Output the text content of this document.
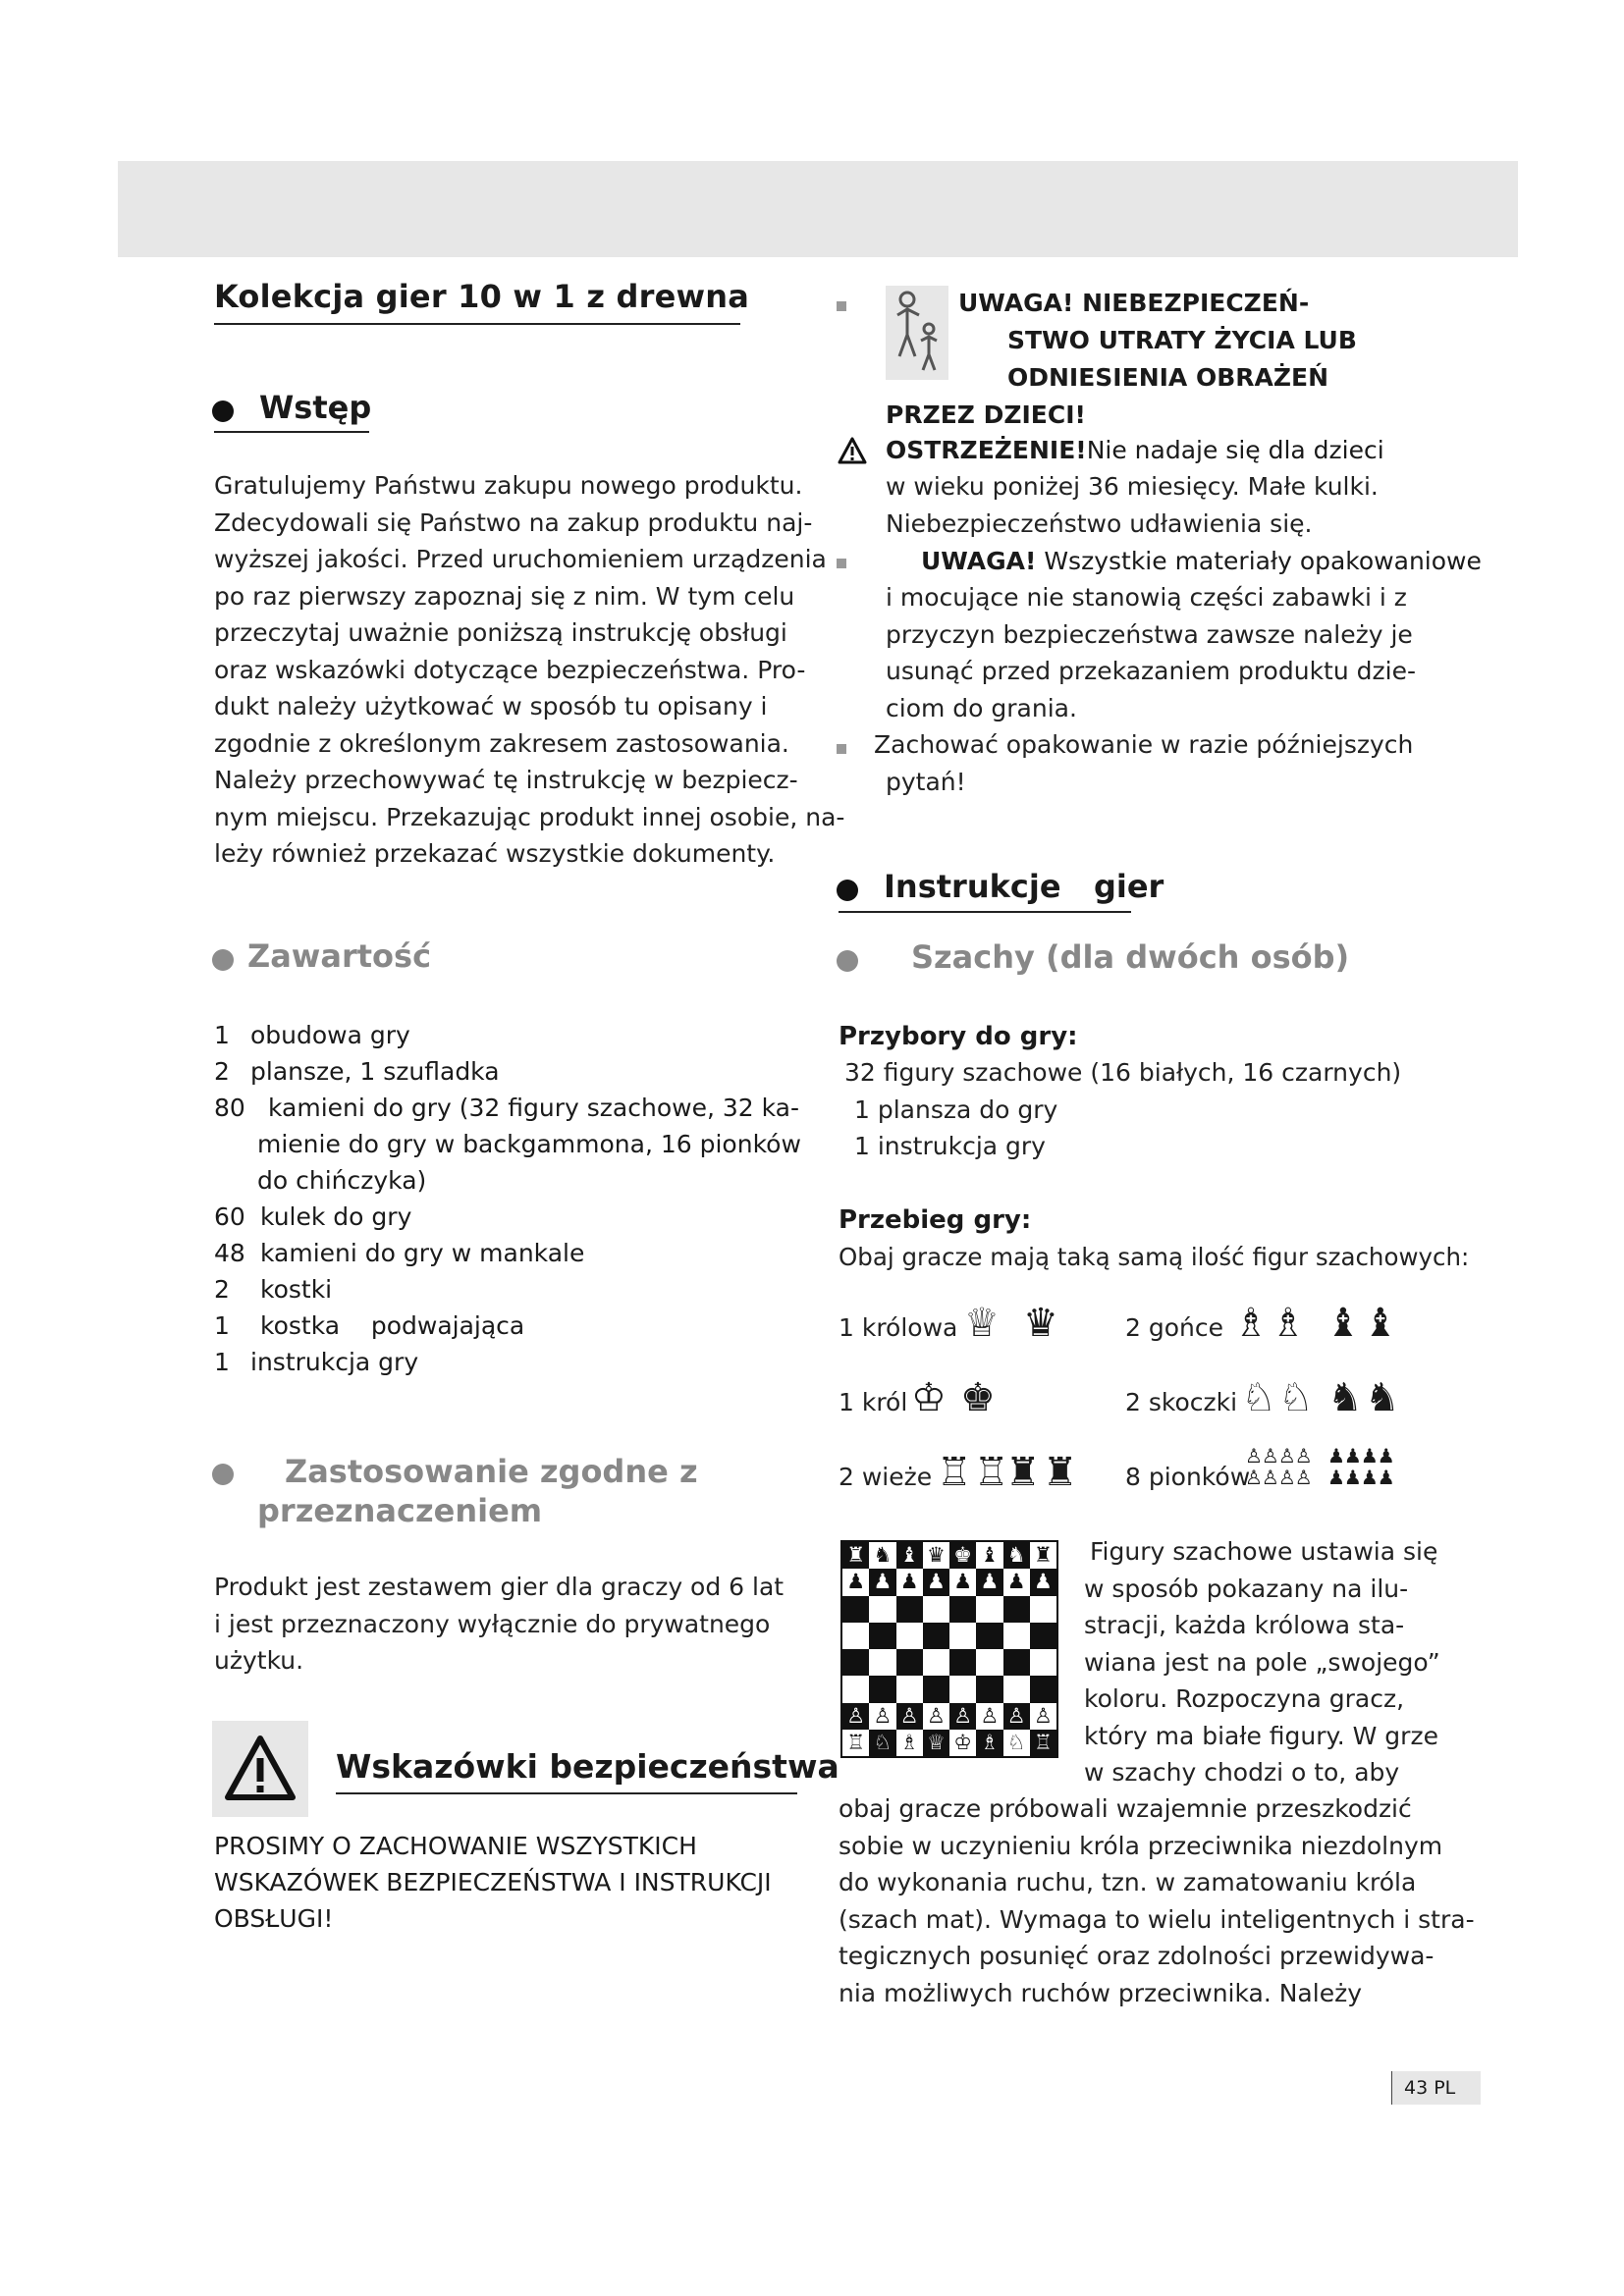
Kolekcja gier 10 w 1 z drewna
Wstęp

Gratulujemy Państwu zakupu nowego produktu.

Zdecydowali się Państwo na zakup produktu naj-

wyższej jakości. Przed uruchomieniem urządzenia

po raz pierwszy zapoznaj się z nim. W tym celu

przeczytaj uważnie poniższą instrukcję obsługi

oraz wskazówki dotyczące bezpieczeństwa. Pro-

dukt należy użytkować w sposób tu opisany i

zgodnie z określonym zakresem zastosowania.

Należy przechowywać tę instrukcję w bezpiecz-

nym miejscu. Przekazując produkt innej osobie, na-

leży również przekazać wszystkie dokumenty.

Zawartość
1 obudowa gry
2 plansze, 1 szufladka
80 kamieni do gry (32 figury szachowe, 32 ka-
mienie do gry w backgammona, 16 pionków
do chińczyka)
60 kulek do gry
48 kamieni do gry w mankale
2 kostki
1 kostka    podwajająca
1 instrukcja gry
Zastosowanie zgodne z
przeznaczeniem

Produkt jest zestawem gier dla graczy od 6 lat

i jest przeznaczony wyłącznie do prywatnego

użytku.

Wskazówki bezpieczeństwa

PROSIMY O ZACHOWANIE WSZYSTKICH

WSKAZÓWEK BEZPIECZEŃSTWA I INSTRUKCJI

OBSŁUGI!

UWAGA! NIEBEZPIECZEŃ-
STWO UTRATY ŻYCIA LUB
ODNIESIENIA OBRAŻEŃ
PRZEZ DZIECI!
OSTRZEŻENIE!Nie nadaje się dla dzieci

w wieku poniżej 36 miesięcy. Małe kulki.

Niebezpieczeństwo udławienia się.

UWAGA! Wszystkie materiały opakowaniowe

i mocujące nie stanowią części zabawki i z

przyczyn bezpieczeństwa zawsze należy je

usunąć przed przekazaniem produktu dzie-

ciom do grania.

Zachować opakowanie w razie późniejszych

pytań!

Instrukcje   gier
Szachy (dla dwóch osób)
Przybory do gry:

32 figury szachowe (16 białych, 16 czarnych)

1 plansza do gry

1 instrukcja gry

Przebieg gry:
Obaj gracze mają taką samą ilość figur szachowych:
1 królowa ♕ ♛	2 gońce ♗♗ ♝♝
1 król ♔ ♚	2 skoczki ♘♘ ♞♞
2 wieże ♖♖
♜♜ 8 pionków
♙♙♙♙
♙♙♙♙
♟♟♟♟
♟♟♟♟
♜ ♞ ♝ ♛ ♚ ♝ ♞ ♜
♟ ♟ ♟ ♟ ♟ ♟ ♟ ♟
♙ ♙ ♙ ♙ ♙ ♙ ♙ ♙
♖ ♘ ♗ ♕ ♔ ♗ ♘ ♖

Figury szachowe ustawia się

w sposób pokazany na ilu-

stracji, każda królowa sta-

wiana jest na pole „swojego”

koloru. Rozpoczyna gracz,

który ma białe figury. W grze

w szachy chodzi o to, aby

obaj gracze próbowali wzajemnie przeszkodzić

sobie w uczynieniu króla przeciwnika niezdolnym

do wykonania ruchu, tzn. w zamatowaniu króla

(szach mat). Wymaga to wielu inteligentnych i stra-

tegicznych posunięć oraz zdolności przewidywa-

nia możliwych ruchów przeciwnika. Należy

43 PL
